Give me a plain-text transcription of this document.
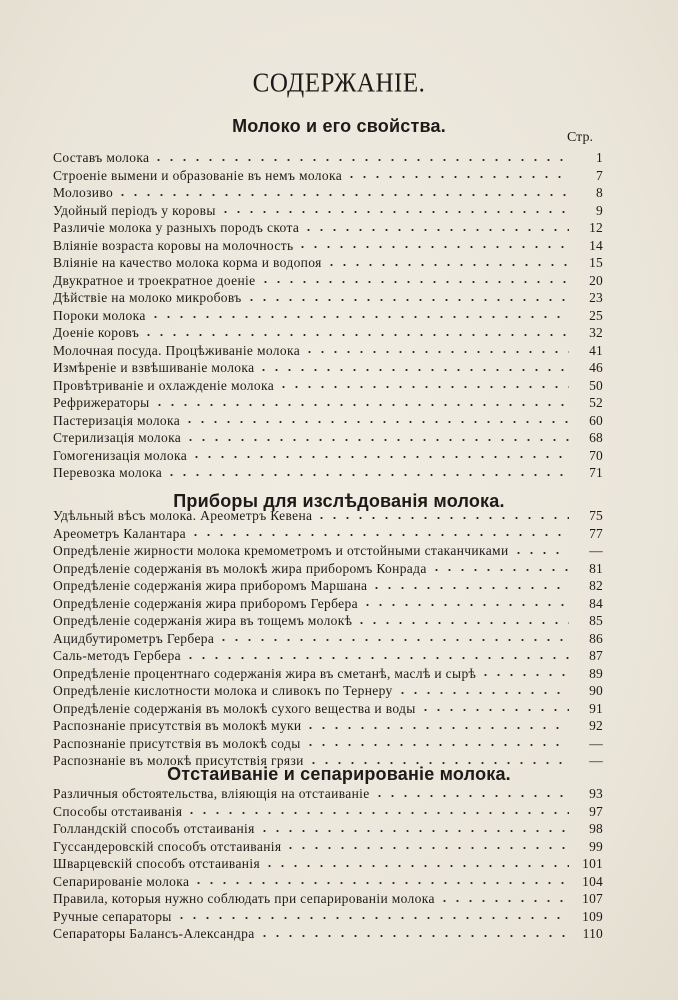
СОДЕРЖАНІЕ.
Молоко и его свойства.
Стр.
Составъ молока	1
Строеніе вымени и образованіе въ немъ молока	7
Молозиво	8
Удойный періодъ у коровы	9
Различіе молока у разныхъ породъ скота	12
Вліяніе возраста коровы на молочность	14
Вліяніе на качество молока корма и водопоя	15
Двукратное и троекратное доеніе	20
Дѣйствіе на молоко микробовъ	23
Пороки молока	25
Доеніе коровъ	32
Молочная посуда. Процѣживаніе молока	41
Измѣреніе и взвѣшиваніе молока	46
Провѣтриваніе и охлажденіе молока	50
Рефрижераторы	52
Пастеризація молока	60
Стерилизація молока	68
Гомогенизація молока	70
Перевозка молока	71
Приборы для изслѣдованія молока.
Удѣльный вѣсъ молока. Ареометръ Кевена	75
Ареометръ Калантара	77
Опредѣленіе жирности молока кремометромъ и отстойными стаканчиками	—
Опредѣленіе содержанія въ молокѣ жира приборомъ Конрада	81
Опредѣленіе содержанія жира приборомъ Маршана	82
Опредѣленіе содержанія жира приборомъ Гербера	84
Опредѣленіе содержанія жира въ тощемъ молокѣ	85
Ацидбутирометръ Гербера	86
Саль-методъ Гербера	87
Опредѣленіе процентнаго содержанія жира въ сметанѣ, маслѣ и сырѣ	89
Опредѣленіе кислотности молока и сливокъ по Тернеру	90
Опредѣленіе содержанія въ молокѣ сухого вещества и воды	91
Распознаніе присутствія въ молокѣ муки	92
Распознаніе присутствія въ молокѣ соды	—
Распознаніе въ молокѣ присутствія грязи	—
Отстаиваніе и сепарированіе молока.
Различныя обстоятельства, вліяющія на отстаиваніе	93
Способы отстаиванія	97
Голландскій способъ отстаиванія	98
Гуссандеровскій способъ отстаиванія	99
Шварцевскій способъ отстаиванія	101
Сепарированіе молока	104
Правила, которыя нужно соблюдать при сепарированіи молока	107
Ручные сепараторы	109
Сепараторы Балансъ-Александра	110
